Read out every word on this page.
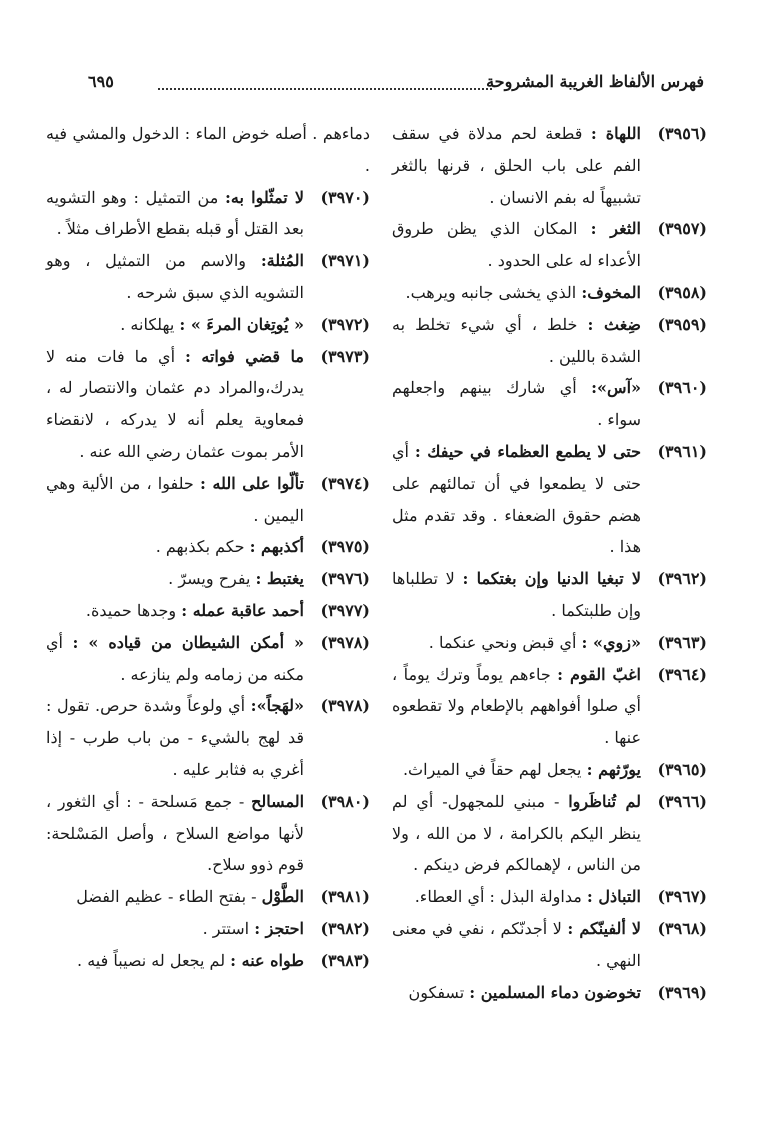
فهرس الألفاظ الغريبة المشروحة
٦٩٥
(٣٩٥٦)
اللهاة : قطعة لحم مدلاة في سقف الفم على باب الحلق ، قرنها بالثغر تشبيهاً له بفم الانسان .
(٣٩٥٧)
الثغر : المكان الذي يظن طروق الأعداء له على الحدود .
(٣٩٥٨)
المخوف: الذي يخشى جانبه ويرهب.
(٣٩٥٩)
ضِغث : خلط ، أي شيء تخلط به الشدة باللين .
(٣٩٦٠)
«آس»: أي شارك بينهم واجعلهم سواء .
(٣٩٦١)
حتى لا يطمع العظماء في حيفك : أي حتى لا يطمعوا في أن تمالئهم على هضم حقوق الضعفاء . وقد تقدم مثل هذا .
(٣٩٦٢)
لا تبغيا الدنيا وإن بغتكما : لا تطلباها وإن طلبتكما .
(٣٩٦٣)
«زوي» : أي قبض ونحي عنكما .
(٣٩٦٤)
اغبّ القوم : جاءهم يوماً وترك يوماً ، أي صلوا أفواههم بالإطعام ولا تقطعوه عنها .
(٣٩٦٥)
يورّثهم : يجعل لهم حقاً في الميراث.
(٣٩٦٦)
لم تُناظَروا - مبني للمجهول- أي لم ينظر اليكم بالكرامة ، لا من الله ، ولا من الناس ، لإهمالكم فرض دينكم .
(٣٩٦٧)
التباذل : مداولة البذل : أي العطاء.
(٣٩٦٨)
لا ألفينّكم : لا أجدنّكم ، نفي في معنى النهي .
(٣٩٦٩)
تخوضون دماء المسلمين : تسفكون
دماءهم . أصله خوض الماء : الدخول والمشي فيه .
(٣٩٧٠)
لا تمثّلوا به: من التمثيل : وهو التشويه بعد القتل أو قبله بقطع الأطراف مثلاً .
(٣٩٧١)
المُثلة: والاسم من التمثيل ، وهو التشويه الذي سبق شرحه .
(٣٩٧٢)
« يُوتِغان المرءَ » : يهلكانه .
(٣٩٧٣)
ما قضي فواته : أي ما فات منه لا يدرك،والمراد دم عثمان والانتصار له ، فمعاوية يعلم أنه لا يدركه ، لانقضاء الأمر بموت عثمان رضي الله عنه .
(٣٩٧٤)
تألّوا على الله : حلفوا ، من الألية وهي اليمين .
(٣٩٧٥)
أكذبهم : حكم بكذبهم .
(٣٩٧٦)
يغتبط : يفرح ويسرّ .
(٣٩٧٧)
أحمد عاقبة عمله : وجدها حميدة.
(٣٩٧٨)
« أمكن الشيطان من قياده » : أي مكنه من زمامه ولم ينازعه .
(٣٩٧٨)
«لهَجاً»: أي ولوعاً وشدة حرص. تقول : قد لهج بالشيء - من باب طرب - إذا أغري به فثابر عليه .
(٣٩٨٠)
المسالح - جمع مَسلحة - : أي الثغور ، لأنها مواضع السلاح ، وأصل المَسْلحة: قوم ذوو سلاح.
(٣٩٨١)
الطَّوْل - بفتح الطاء - عظيم الفضل
(٣٩٨٢)
احتجز : استتر .
(٣٩٨٣)
طواه عنه : لم يجعل له نصيباً فيه .
